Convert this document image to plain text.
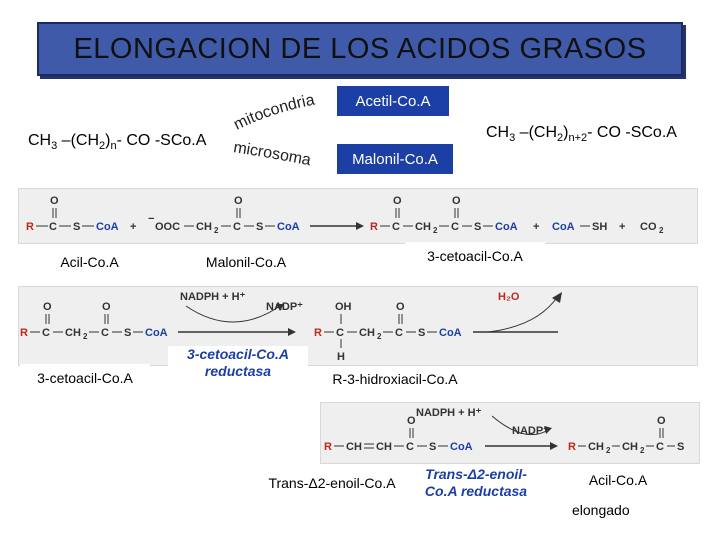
ELONGACION DE LOS ACIDOS GRASOS
$CH_3$ $-(CH_2)_n-$ CO -SCo.A	$CH_3$ $-(CH_2)_{n+2}-$ CO -SCo.A
mitocondria
microsoma
Acetil-Co.A
Malonil-Co.A
R C
O
S CoA +
−
OOC CH 2 C
O
S CoA	R C
O
CH 2 C
O
S CoA + CoA SH + CO 2
Acil-Co.A	Malonil-Co.A	3-cetoacil-Co.A
R C
O
CH 2 C
O
S CoA
NADPH + H⁺
NADP⁺
R C
OH
H
CH 2 C
O
S CoA
H₂O
3-cetoacil-Co.A
3-cetoacil-Co.A reductasa	R-3-hidroxiacil-Co.A
R CH CH C
O
S CoA
NADPH + H⁺
NADP⁺
R CH 2 CH 2 C
O
S
Trans-Δ2-enoil-Co.A
Trans-Δ2-enoil-Co.A reductasa
Acil-Co.A
elongado
